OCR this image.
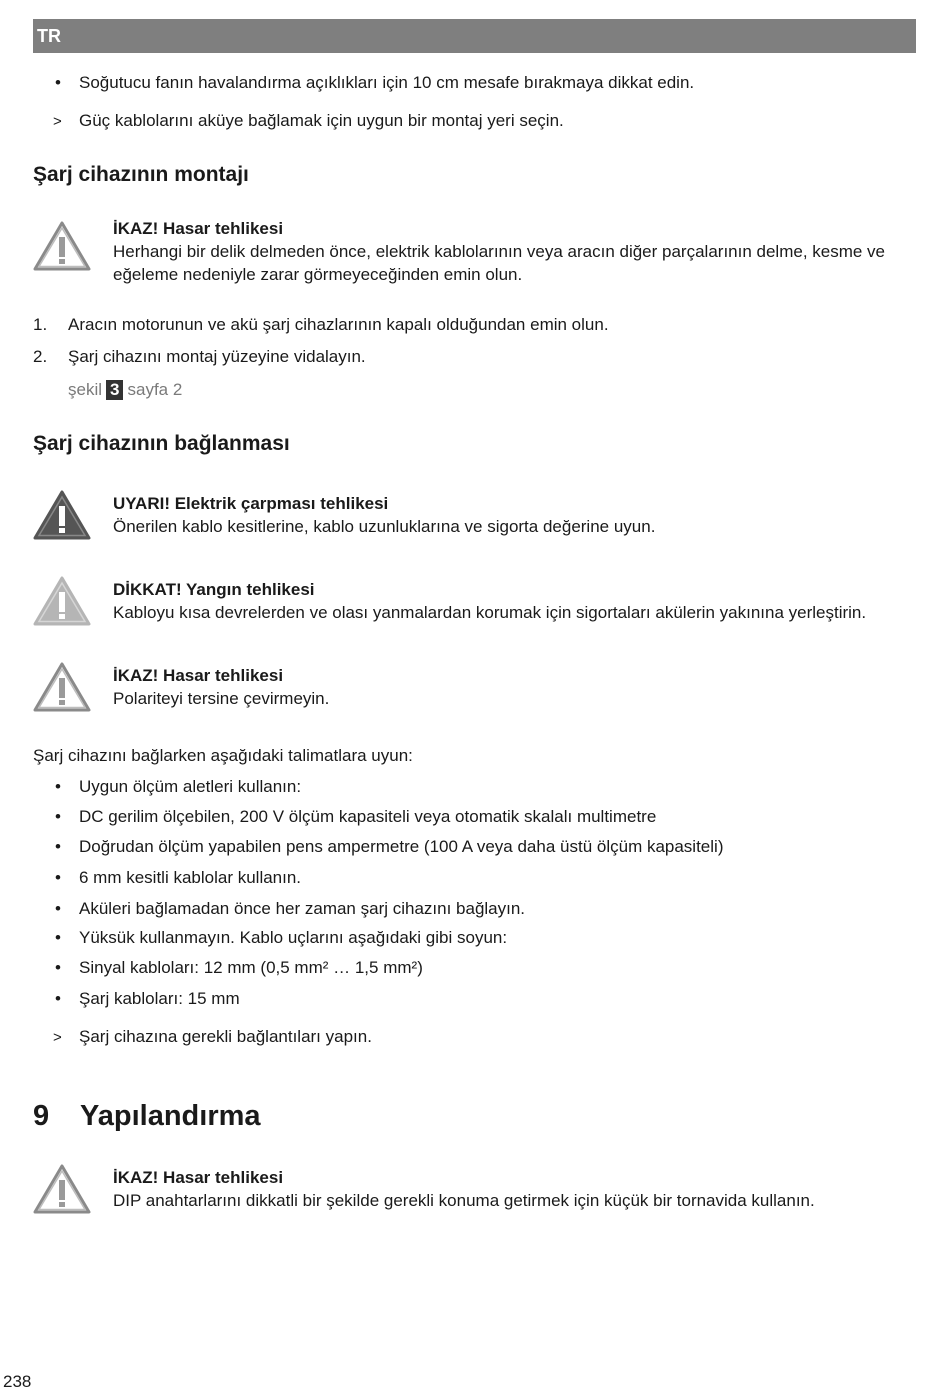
TR
• Soğutucu fanın havalandırma açıklıkları için 10 cm mesafe bırakmaya dikkat edin.
> Güç kablolarını aküye bağlamak için uygun bir montaj yeri seçin.
Şarj cihazının montajı
İKAZ! Hasar tehlikesi
Herhangi bir delik delmeden önce, elektrik kablolarının veya aracın diğer parçalarının delme, kesme ve
eğeleme nedeniyle zarar görmeyeceğinden emin olun.
1. Aracın motorunun ve akü şarj cihazlarının kapalı olduğundan emin olun.
2. Şarj cihazını montaj yüzeyine vidalayın.
şekil 3 sayfa 2
Şarj cihazının bağlanması
UYARI! Elektrik çarpması tehlikesi
Önerilen kablo kesitlerine, kablo uzunluklarına ve sigorta değerine uyun.
DİKKAT! Yangın tehlikesi
Kabloyu kısa devrelerden ve olası yanmalardan korumak için sigortaları akülerin yakınına yerleştirin.
İKAZ! Hasar tehlikesi
Polariteyi tersine çevirmeyin.
Şarj cihazını bağlarken aşağıdaki talimatlara uyun:
• Uygun ölçüm aletleri kullanın:
• DC gerilim ölçebilen, 200 V ölçüm kapasiteli veya otomatik skalalı multimetre
• Doğrudan ölçüm yapabilen pens ampermetre (100 A veya daha üstü ölçüm kapasiteli)
• 6 mm kesitli kablolar kullanın.
• Aküleri bağlamadan önce her zaman şarj cihazını bağlayın.
• Yüksük kullanmayın. Kablo uçlarını aşağıdaki gibi soyun:
• Sinyal kabloları: 12 mm (0,5 mm² … 1,5 mm²)
• Şarj kabloları: 15 mm
> Şarj cihazına gerekli bağlantıları yapın.
9 Yapılandırma
İKAZ! Hasar tehlikesi
DIP anahtarlarını dikkatli bir şekilde gerekli konuma getirmek için küçük bir tornavida kullanın.
238
